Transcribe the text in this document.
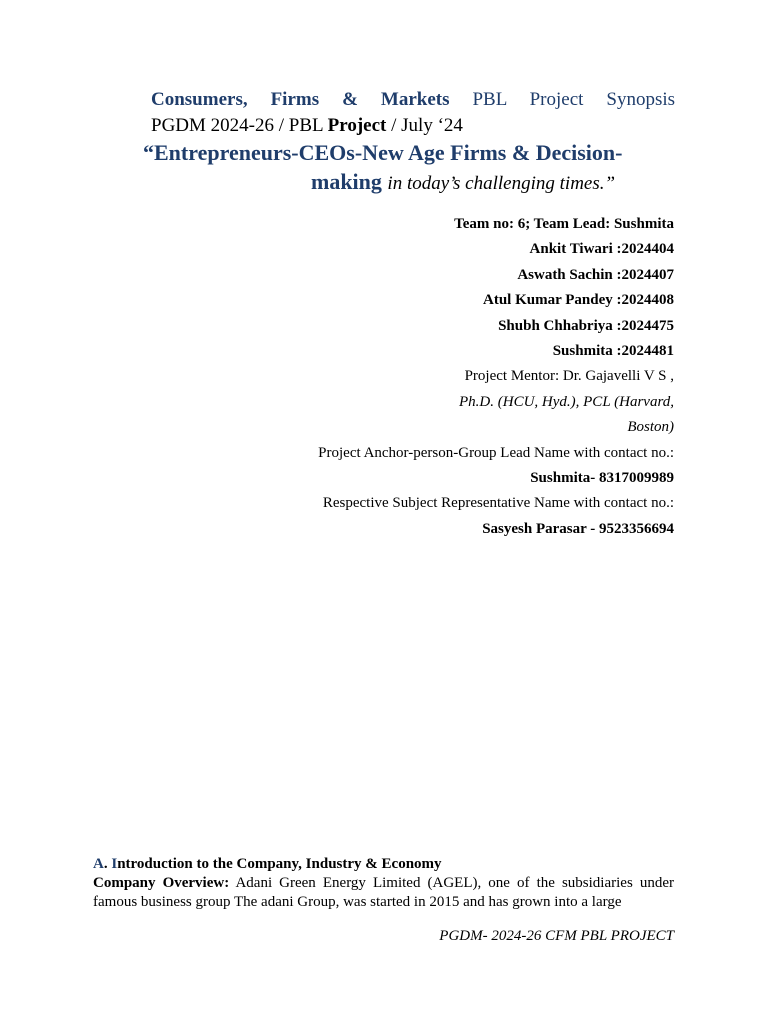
Consumers, Firms & Markets PBL Project Synopsis
PGDM 2024-26 / PBL Project / July ‘24
“Entrepreneurs-CEOs-New Age Firms & Decision-
making in today’s challenging times.”
Team no: 6; Team Lead: Sushmita
Ankit Tiwari :2024404
Aswath Sachin :2024407
Atul Kumar Pandey :2024408
Shubh Chhabriya :2024475
Sushmita :2024481
Project Mentor: Dr. Gajavelli V S ,
Ph.D. (HCU, Hyd.), PCL (Harvard,
Boston)
Project Anchor-person-Group Lead Name with contact no.:
Sushmita- 8317009989
Respective Subject Representative Name with contact no.:
Sasyesh Parasar - 9523356694
A. Introduction to the Company, Industry & Economy
Company Overview: Adani Green Energy Limited (AGEL), one of the subsidiaries under famous business group The adani Group, was started in 2015 and has grown into a large
PGDM- 2024-26 CFM PBL PROJECT
